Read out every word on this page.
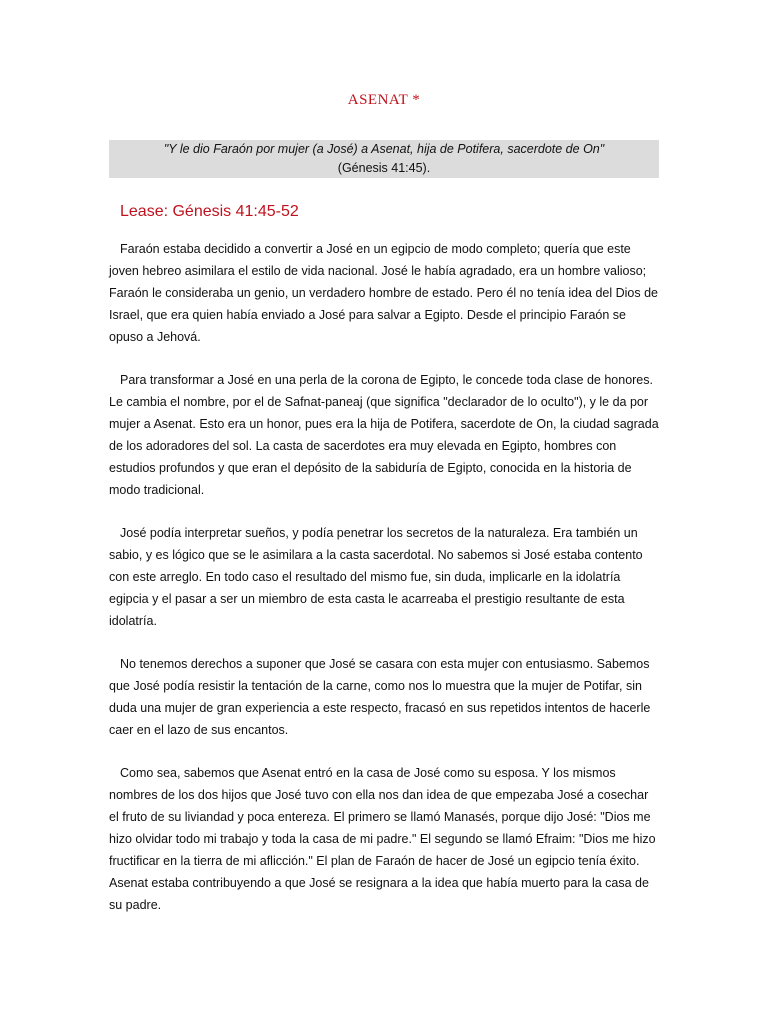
ASENAT *
"Y le dio Faraón por mujer (a José) a Asenat, hija de Potifera, sacerdote de On"
(Génesis 41:45).
Lease: Génesis 41:45-52

Faraón estaba decidido a convertir a José en un egipcio de modo completo; quería que este joven hebreo asimilara el estilo de vida nacional. José le había agradado, era un hombre valioso; Faraón le consideraba un genio, un verdadero hombre de estado. Pero él no tenía idea del Dios de Israel, que era quien había enviado a José para salvar a Egipto. Desde el principio Faraón se opuso a Jehová.

Para transformar a José en una perla de la corona de Egipto, le concede toda clase de honores. Le cambia el nombre, por el de Safnat-paneaj (que significa "declarador de lo oculto"), y le da por mujer a Asenat. Esto era un honor, pues era la hija de Potifera, sacerdote de On, la ciudad sagrada de los adoradores del sol. La casta de sacerdotes era muy elevada en Egipto, hombres con estudios profundos y que eran el depósito de la sabiduría de Egipto, conocida en la historia de modo tradicional.

José podía interpretar sueños, y podía penetrar los secretos de la naturaleza. Era también un sabio, y es lógico que se le asimilara a la casta sacerdotal. No sabemos si José estaba contento con este arreglo. En todo caso el resultado del mismo fue, sin duda, implicarle en la idolatría egipcia y el pasar a ser un miembro de esta casta le acarreaba el prestigio resultante de esta idolatría.

No tenemos derechos a suponer que José se casara con esta mujer con entusiasmo. Sabemos que José podía resistir la tentación de la carne, como nos lo muestra que la mujer de Potifar, sin duda una mujer de gran experiencia a este respecto, fracasó en sus repetidos intentos de hacerle caer en el lazo de sus encantos.

Como sea, sabemos que Asenat entró en la casa de José como su esposa. Y los mismos nombres de los dos hijos que José tuvo con ella nos dan idea de que empezaba José a cosechar el fruto de su liviandad y poca entereza. El primero se llamó Manasés, porque dijo José: "Dios me hizo olvidar todo mi trabajo y toda la casa de mi padre." El segundo se llamó Efraim: "Dios me hizo fructificar en la tierra de mi aflicción." El plan de Faraón de hacer de José un egipcio tenía éxito. Asenat estaba contribuyendo a que José se resignara a la idea que había muerto para la casa de su padre.
